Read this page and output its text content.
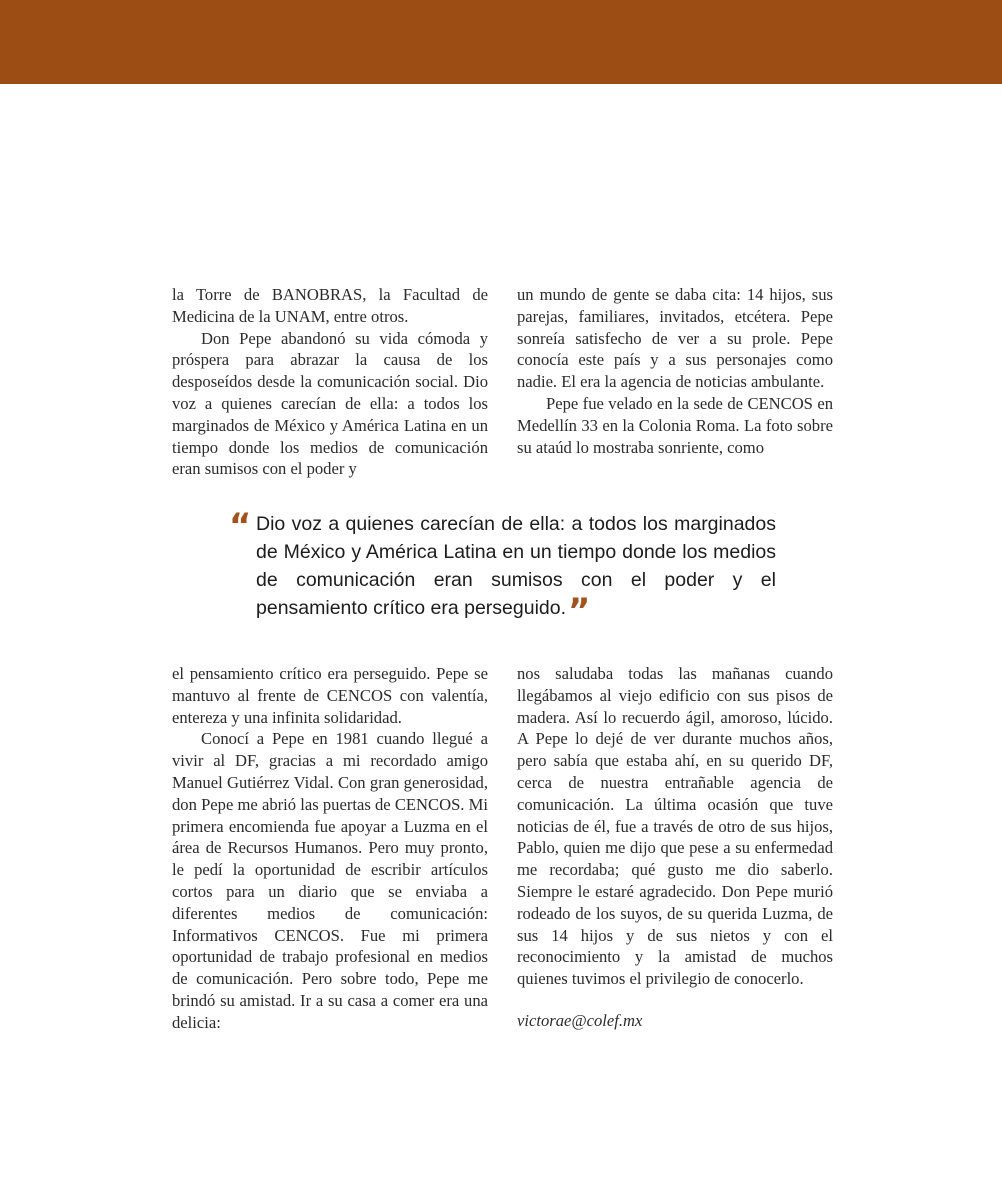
la Torre de BANOBRAS, la Facultad de Medicina de la UNAM, entre otros.

Don Pepe abandonó su vida cómoda y próspera para abrazar la causa de los desposeídos desde la comunicación social. Dio voz a quienes carecían de ella: a todos los marginados de México y América Latina en un tiempo donde los medios de comunicación eran sumisos con el poder y

un mundo de gente se daba cita: 14 hijos, sus parejas, familiares, invitados, etcétera. Pepe sonreía satisfecho de ver a su prole. Pepe conocía este país y a sus personajes como nadie. El era la agencia de noticias ambulante.

Pepe fue velado en la sede de CENCOS en Medellín 33 en la Colonia Roma. La foto sobre su ataúd lo mostraba sonriente, como

“ Dio voz a quienes carecían de ella: a todos los marginados de México y América Latina en un tiempo donde los medios de comunicación eran sumisos con el poder y el pensamiento crítico era perseguido.”

el pensamiento crítico era perseguido. Pepe se mantuvo al frente de CENCOS con valentía, entereza y una infinita solidaridad.

Conocí a Pepe en 1981 cuando llegué a vivir al DF, gracias a mi recordado amigo Manuel Gutiérrez Vidal. Con gran generosidad, don Pepe me abrió las puertas de CENCOS. Mi primera encomienda fue apoyar a Luzma en el área de Recursos Humanos. Pero muy pronto, le pedí la oportunidad de escribir artículos cortos para un diario que se enviaba a diferentes medios de comunicación: Informativos CENCOS. Fue mi primera oportunidad de trabajo profesional en medios de comunicación. Pero sobre todo, Pepe me brindó su amistad. Ir a su casa a comer era una delicia:

nos saludaba todas las mañanas cuando llegábamos al viejo edificio con sus pisos de madera. Así lo recuerdo ágil, amoroso, lúcido. A Pepe lo dejé de ver durante muchos años, pero sabía que estaba ahí, en su querido DF, cerca de nuestra entrañable agencia de comunicación. La última ocasión que tuve noticias de él, fue a través de otro de sus hijos, Pablo, quien me dijo que pese a su enfermedad me recordaba; qué gusto me dio saberlo. Siempre le estaré agradecido. Don Pepe murió rodeado de los suyos, de su querida Luzma, de sus 14 hijos y de sus nietos y con el reconocimiento y la amistad de muchos quienes tuvimos el privilegio de conocerlo.

victorae@colef.mx
